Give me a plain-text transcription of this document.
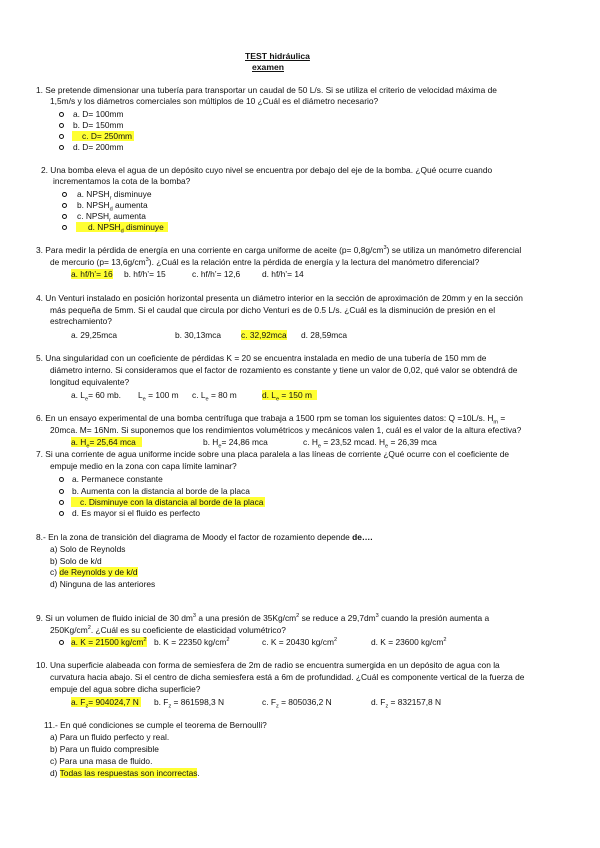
TEST hidráulica
examen
1. Se pretende dimensionar una tubería para transportar un caudal de 50 L/s. Si se utiliza el criterio de velocidad máxima de
1,5m/s y los diámetros comerciales son múltiplos de 10 ¿Cuál es el diámetro necesario?
a. D= 100mm
b. D= 150mm
c. D= 250mm
d. D= 200mm
2. Una bomba eleva el agua de un depósito cuyo nivel se encuentra por debajo del eje de la bomba. ¿Qué ocurre cuando
incrementamos la cota de la bomba?
a. $NPSH_r$ disminuye
b. $NPSH_d$ aumenta
c. $NPSH_r$ aumenta
d. $NPSH_d$ disminuye
3. Para medir la pérdida de energía en una corriente en carga uniforme de aceite $(p= 0,8g/cm^3)$ se utiliza un manómetro diferencial
de mercurio $(p= 13,6g/cm^3)$. ¿Cuál es la relación entre la pérdida de energía y la lectura del manómetro diferencial?
a. hf/h’= 16 b. hf/h’= 15	c. hf/h’= 12,6	d. hf/h’= 14
4. Un Venturi instalado en posición horizontal presenta un diámetro interior en la sección de aproximación de 20mm y en la sección
más pequeña de 5mm. Si el caudal que circula por dicho Venturi es de 0.5 L/s. ¿Cuál es la disminución de presión en el
estrechamiento?
a. 29,25mca	b. 30,13mca c. 32,92mca d. 28,59mca
5. Una singularidad con un coeficiente de pérdidas K = 20 se encuentra instalada en medio de una tubería de 150 mm de
diámetro interno. Si consideramos que el factor de rozamiento es constante y tiene un valor de 0,02, qué valor se obtendrá de
longitud equivalente?
a. $L_e= 60$ mb. $L_e = 100$ m c. $L_e = 80$ m	d. $L_e = 150$ m
6. En un ensayo experimental de una bomba centrífuga que trabaja a 1500 rpm se toman los siguientes datos: Q =10L/s. $H_m$ =
20mca. M= 16Nm. Si suponemos que los rendimientos volumétricos y mecánicos valen 1, cuál es el valor de la altura efectiva?
a. $H_e= 25,64$ mca	b. $H_e= 24,86$ mca	c. $H_e = 23,52$ mcad. $H_e = 26,39$ mca
7. Si una corriente de agua uniforme incide sobre una placa paralela a las líneas de corriente ¿Qué ocurre con el coeficiente de
empuje medio en la zona con capa límite laminar?
a. Permanece constante
b. Aumenta con la distancia al borde de la placa
c. Disminuye con la distancia al borde de la placa
d. Es mayor si el fluido es perfecto
8.- En la zona de transición del diagrama de Moody el factor de rozamiento depende de….
a) Solo de Reynolds
b) Solo de k/d
c) de Reynolds y de k/d
d) Ninguna de las anteriores
9. Si un volumen de fluido inicial de 30 $dm^3$ a una presión de $35Kg/cm^2$ se reduce a $29,7dm^3$ cuando la presión aumenta a
$250Kg/cm^2$. ¿Cuál es su coeficiente de elasticidad volumétrico?
a. K = 21500 $kg/cm^2$ b. K = 22350 $kg/cm^2$	c. K = 20430 $kg/cm^2$	d. K = 23600 $kg/cm^2$
10. Una superficie alabeada con forma de semiesfera de 2m de radio se encuentra sumergida en un depósito de agua con la
curvatura hacia abajo. Si el centro de dicha semiesfera está a 6m de profundidad. ¿Cuál es componente vertical de la fuerza de
empuje del agua sobre dicha superficie?
a. $F_z= 904024,7$ N b. $F_z = 861598,3$ N	c. $F_z = 805036,2$ N	d. $F_z = 832157,8$ N
11.- En qué condiciones se cumple el teorema de Bernoulli?
a) Para un fluido perfecto y real.
b) Para un fluido compresible
c) Para una masa de fluido.
d) Todas las respuestas son incorrectas.
